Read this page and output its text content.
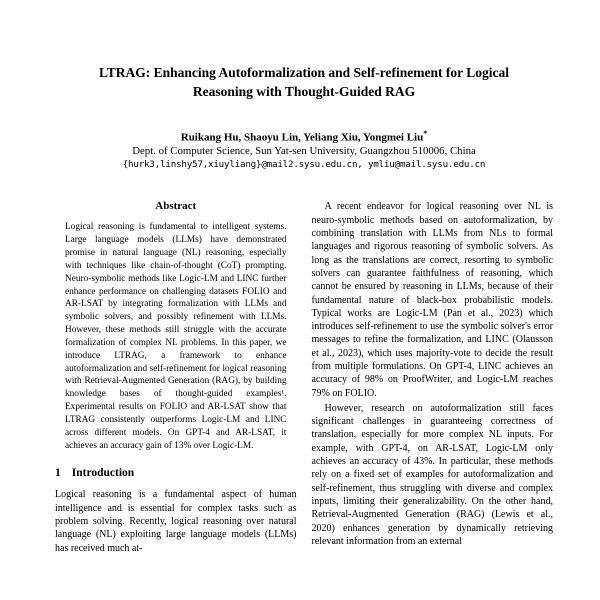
LTRAG: Enhancing Autoformalization and Self-refinement for Logical
Reasoning with Thought-Guided RAG
Ruikang Hu, Shaoyu Lin, Yeliang Xiu, Yongmei Liu*
Dept. of Computer Science, Sun Yat-sen University, Guangzhou 510006, China
{hurk3,linshy57,xiuyliang}@mail2.sysu.edu.cn, ymliu@mail.sysu.edu.cn
Abstract

Logical reasoning is fundamental to intelligent systems. Large language models (LLMs) have demonstrated promise in natural language (NL) reasoning, especially with techniques like chain-of-thought (CoT) prompting. Neuro-symbolic methods like Logic-LM and LINC further enhance performance on challenging datasets FOLIO and AR-LSAT by integrating formalization with LLMs and symbolic solvers, and possibly refinement with LLMs. However, these methods still struggle with the accurate formalization of complex NL problems. In this paper, we introduce LTRAG, a framework to enhance autoformalization and self-refinement for logical reasoning with Retrieval-Augmented Generation (RAG), by building knowledge bases of thought-guided examples¹. Experimental results on FOLIO and AR-LSAT show that LTRAG consistently outperforms Logic-LM and LINC across different models. On GPT-4 and AR-LSAT, it achieves an accuracy gain of 13% over Logic-LM.

1 Introduction

Logical reasoning is a fundamental aspect of human intelligence and is essential for complex tasks such as problem solving. Recently, logical reasoning over natural language (NL) exploiting large language models (LLMs) has received much at-

A recent endeavor for logical reasoning over NL is neuro-symbolic methods based on autoformalization, by combining translation with LLMs from NLs to formal languages and rigorous reasoning of symbolic solvers. As long as the translations are correct, resorting to symbolic solvers can guarantee faithfulness of reasoning, which cannot be ensured by reasoning in LLMs, because of their fundamental nature of black-box probabilistic models. Typical works are Logic-LM (Pan et al., 2023) which introduces self-refinement to use the symbolic solver's error messages to refine the formalization, and LINC (Olausson et al., 2023), which uses majority-vote to decide the result from multiple formulations. On GPT-4, LINC achieves an accuracy of 98% on ProofWriter, and Logic-LM reaches 79% on FOLIO.

However, research on autoformalization still faces significant challenges in guaranteeing correctness of translation, especially for more complex NL inputs. For example, with GPT-4, on AR-LSAT, Logic-LM only achieves an accuracy of 43%. In particular, these methods rely on a fixed set of examples for autoformalization and self-refinement, thus struggling with diverse and complex inputs, limiting their generalizability. On the other hand, Retrieval-Augmented Generation (RAG) (Lewis et al., 2020) enhances generation by dynamically retrieving relevant information from an external
